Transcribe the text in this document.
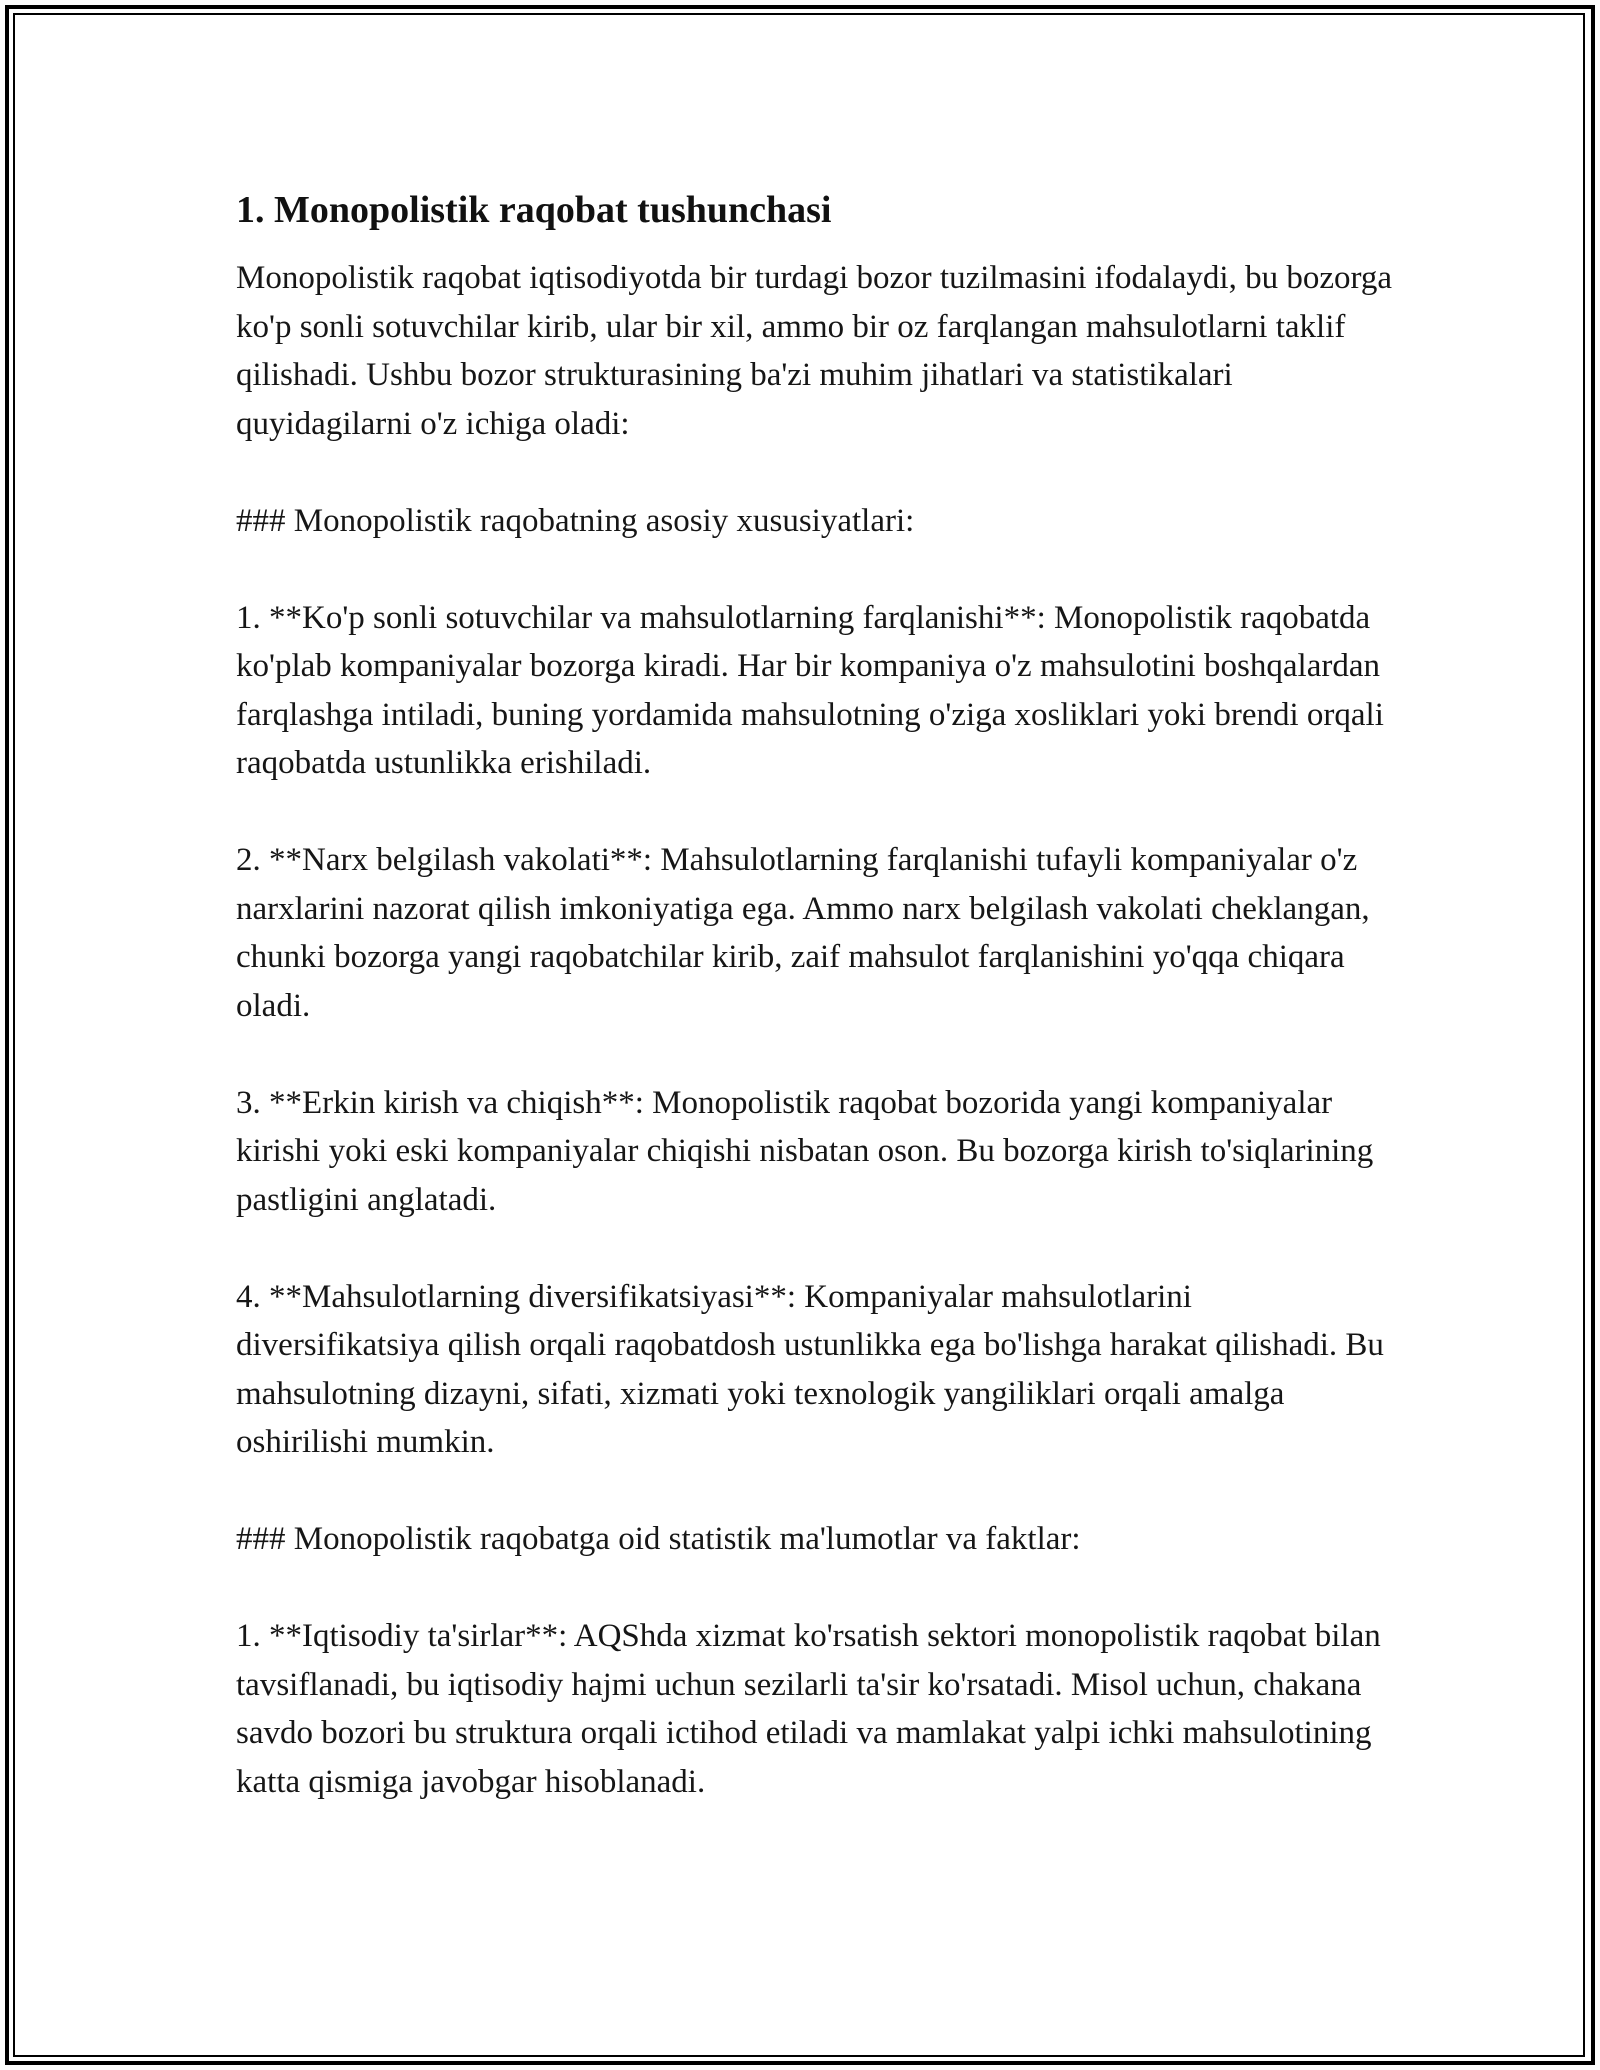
1. Monopolistik raqobat tushunchasi

Monopolistik raqobat iqtisodiyotda bir turdagi bozor tuzilmasini ifodalaydi, bu bozorga ko'p sonli sotuvchilar kirib, ular bir xil, ammo bir oz farqlangan mahsulotlarni taklif qilishadi. Ushbu bozor strukturasining ba'zi muhim jihatlari va statistikalari quyidagilarni o'z ichiga oladi:

### Monopolistik raqobatning asosiy xususiyatlari:

1. **Ko'p sonli sotuvchilar va mahsulotlarning farqlanishi**: Monopolistik raqobatda ko'plab kompaniyalar bozorga kiradi. Har bir kompaniya o'z mahsulotini boshqalardan farqlashga intiladi, buning yordamida mahsulotning o'ziga xosliklari yoki brendi orqali raqobatda ustunlikka erishiladi.

2. **Narx belgilash vakolati**: Mahsulotlarning farqlanishi tufayli kompaniyalar o'z narxlarini nazorat qilish imkoniyatiga ega. Ammo narx belgilash vakolati cheklangan, chunki bozorga yangi raqobatchilar kirib, zaif mahsulot farqlanishini yo'qqa chiqara oladi.

3. **Erkin kirish va chiqish**: Monopolistik raqobat bozorida yangi kompaniyalar kirishi yoki eski kompaniyalar chiqishi nisbatan oson. Bu bozorga kirish to'siqlarining pastligini anglatadi.

4. **Mahsulotlarning diversifikatsiyasi**: Kompaniyalar mahsulotlarini diversifikatsiya qilish orqali raqobatdosh ustunlikka ega bo'lishga harakat qilishadi. Bu mahsulotning dizayni, sifati, xizmati yoki texnologik yangiliklari orqali amalga oshirilishi mumkin.

### Monopolistik raqobatga oid statistik ma'lumotlar va faktlar:

1. **Iqtisodiy ta'sirlar**: AQShda xizmat ko'rsatish sektori monopolistik raqobat bilan tavsiflanadi, bu iqtisodiy hajmi uchun sezilarli ta'sir ko'rsatadi. Misol uchun, chakana savdo bozori bu struktura orqali ictihod etiladi va mamlakat yalpi ichki mahsulotining katta qismiga javobgar hisoblanadi.
